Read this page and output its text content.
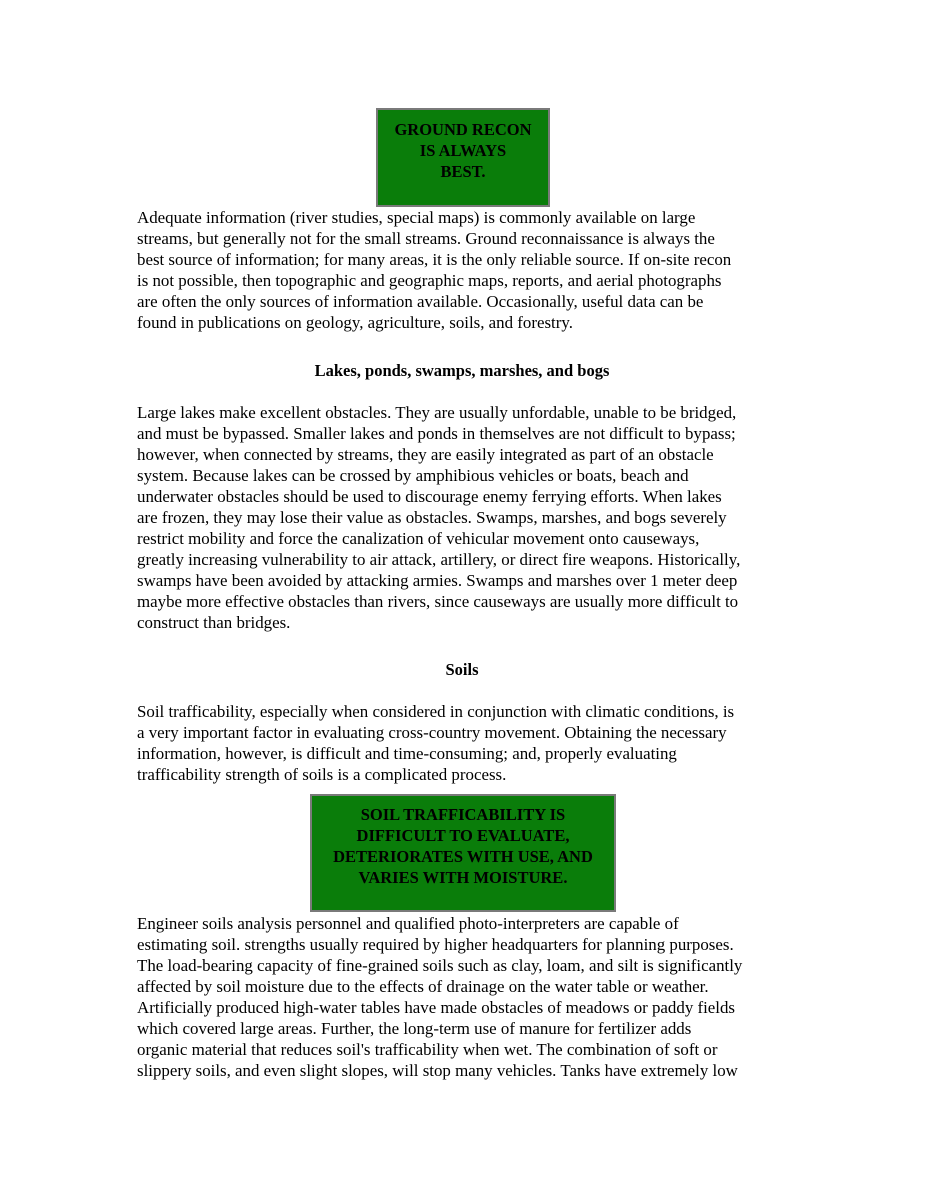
GROUND RECON
IS ALWAYS
BEST.
Adequate information (river studies, special maps) is commonly available on large
streams, but generally not for the small streams. Ground reconnaissance is always the
best source of information; for many areas, it is the only reliable source. If on-site recon
is not possible, then topographic and geographic maps, reports, and aerial photographs
are often the only sources of information available. Occasionally, useful data can be
found in publications on geology, agriculture, soils, and forestry.
Lakes, ponds, swamps, marshes, and bogs
Large lakes make excellent obstacles. They are usually unfordable, unable to be bridged,
and must be bypassed. Smaller lakes and ponds in themselves are not difficult to bypass;
however, when connected by streams, they are easily integrated as part of an obstacle
system. Because lakes can be crossed by amphibious vehicles or boats, beach and
underwater obstacles should be used to discourage enemy ferrying efforts. When lakes
are frozen, they may lose their value as obstacles. Swamps, marshes, and bogs severely
restrict mobility and force the canalization of vehicular movement onto causeways,
greatly increasing vulnerability to air attack, artillery, or direct fire weapons. Historically,
swamps have been avoided by attacking armies. Swamps and marshes over 1 meter deep
maybe more effective obstacles than rivers, since causeways are usually more difficult to
construct than bridges.
Soils
Soil trafficability, especially when considered in conjunction with climatic conditions, is
a very important factor in evaluating cross-country movement. Obtaining the necessary
information, however, is difficult and time-consuming; and, properly evaluating
trafficability strength of soils is a complicated process.
SOIL TRAFFICABILITY IS
DIFFICULT TO EVALUATE,
DETERIORATES WITH USE, AND
VARIES WITH MOISTURE.
Engineer soils analysis personnel and qualified photo-interpreters are capable of
estimating soil. strengths usually required by higher headquarters for planning purposes.
The load-bearing capacity of fine-grained soils such as clay, loam, and silt is significantly
affected by soil moisture due to the effects of drainage on the water table or weather.
Artificially produced high-water tables have made obstacles of meadows or paddy fields
which covered large areas. Further, the long-term use of manure for fertilizer adds
organic material that reduces soil's trafficability when wet. The combination of soft or
slippery soils, and even slight slopes, will stop many vehicles. Tanks have extremely low
